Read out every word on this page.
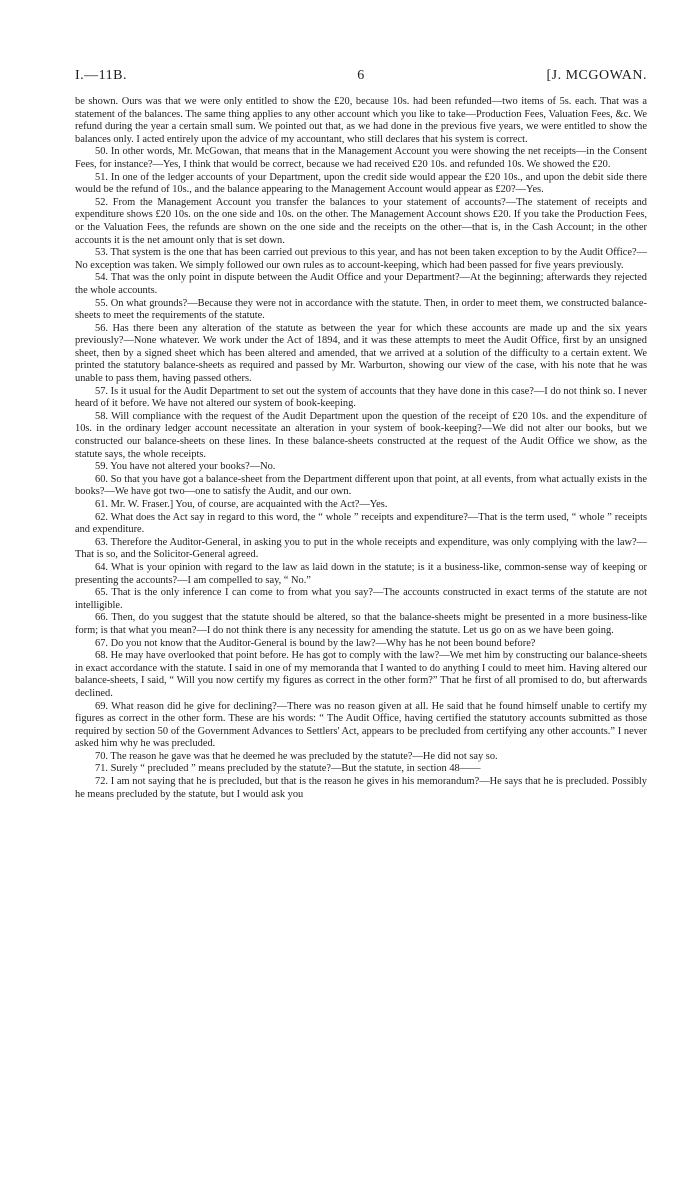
I.—11B.	6	[J. MCGOWAN.

be shown. Ours was that we were only entitled to show the £20, because 10s. had been refunded—two items of 5s. each. That was a statement of the balances. The same thing applies to any other account which you like to take—Production Fees, Valuation Fees, &c. We refund during the year a certain small sum. We pointed out that, as we had done in the previous five years, we were entitled to show the balances only. I acted entirely upon the advice of my accountant, who still declares that his system is correct.

50. In other words, Mr. McGowan, that means that in the Management Account you were showing the net receipts—in the Consent Fees, for instance?—Yes, I think that would be correct, because we had received £20 10s. and refunded 10s. We showed the £20.

51. In one of the ledger accounts of your Department, upon the credit side would appear the £20 10s., and upon the debit side there would be the refund of 10s., and the balance appearing to the Management Account would appear as £20?—Yes.

52. From the Management Account you transfer the balances to your statement of accounts?—The statement of receipts and expenditure shows £20 10s. on the one side and 10s. on the other. The Management Account shows £20. If you take the Production Fees, or the Valuation Fees, the refunds are shown on the one side and the receipts on the other—that is, in the Cash Account; in the other accounts it is the net amount only that is set down.

53. That system is the one that has been carried out previous to this year, and has not been taken exception to by the Audit Office?—No exception was taken. We simply followed our own rules as to account-keeping, which had been passed for five years previously.

54. That was the only point in dispute between the Audit Office and your Department?—At the beginning; afterwards they rejected the whole accounts.

55. On what grounds?—Because they were not in accordance with the statute. Then, in order to meet them, we constructed balance-sheets to meet the requirements of the statute.

56. Has there been any alteration of the statute as between the year for which these accounts are made up and the six years previously?—None whatever. We work under the Act of 1894, and it was these attempts to meet the Audit Office, first by an unsigned sheet, then by a signed sheet which has been altered and amended, that we arrived at a solution of the difficulty to a certain extent. We printed the statutory balance-sheets as required and passed by Mr. Warburton, showing our view of the case, with his note that he was unable to pass them, having passed others.

57. Is it usual for the Audit Department to set out the system of accounts that they have done in this case?—I do not think so. I never heard of it before. We have not altered our system of book-keeping.

58. Will compliance with the request of the Audit Department upon the question of the receipt of £20 10s. and the expenditure of 10s. in the ordinary ledger account necessitate an alteration in your system of book-keeping?—We did not alter our books, but we constructed our balance-sheets on these lines. In these balance-sheets constructed at the request of the Audit Office we show, as the statute says, the whole receipts.

59. You have not altered your books?—No.

60. So that you have got a balance-sheet from the Department different upon that point, at all events, from what actually exists in the books?—We have got two—one to satisfy the Audit, and our own.

61. Mr. W. Fraser.] You, of course, are acquainted with the Act?—Yes.

62. What does the Act say in regard to this word, the “ whole ” receipts and expenditure?—That is the term used, “ whole ” receipts and expenditure.

63. Therefore the Auditor-General, in asking you to put in the whole receipts and expenditure, was only complying with the law?—That is so, and the Solicitor-General agreed.

64. What is your opinion with regard to the law as laid down in the statute; is it a business-like, common-sense way of keeping or presenting the accounts?—I am compelled to say, “ No.”

65. That is the only inference I can come to from what you say?—The accounts constructed in exact terms of the statute are not intelligible.

66. Then, do you suggest that the statute should be altered, so that the balance-sheets might be presented in a more business-like form; is that what you mean?—I do not think there is any necessity for amending the statute. Let us go on as we have been going.

67. Do you not know that the Auditor-General is bound by the law?—Why has he not been bound before?

68. He may have overlooked that point before. He has got to comply with the law?—We met him by constructing our balance-sheets in exact accordance with the statute. I said in one of my memoranda that I wanted to do anything I could to meet him. Having altered our balance-sheets, I said, “ Will you now certify my figures as correct in the other form?” That he first of all promised to do, but afterwards declined.

69. What reason did he give for declining?—There was no reason given at all. He said that he found himself unable to certify my figures as correct in the other form. These are his words: “ The Audit Office, having certified the statutory accounts submitted as those required by section 50 of the Government Advances to Settlers' Act, appears to be precluded from certifying any other accounts.” I never asked him why he was precluded.

70. The reason he gave was that he deemed he was precluded by the statute?—He did not say so.

71. Surely “ precluded ” means precluded by the statute?—But the statute, in section 48——

72. I am not saying that he is precluded, but that is the reason he gives in his memorandum?—He says that he is precluded. Possibly he means precluded by the statute, but I would ask you
